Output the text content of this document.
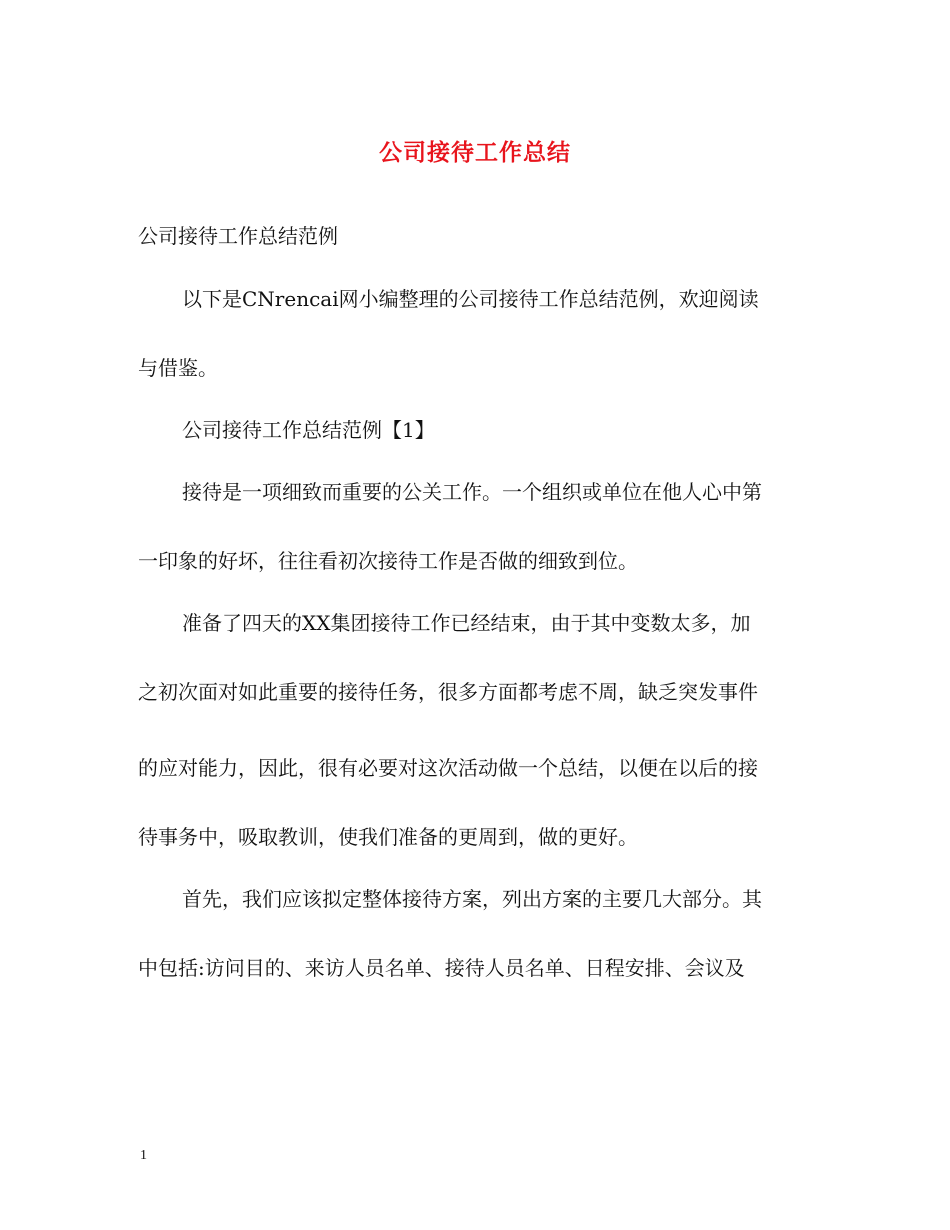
公司接待工作总结
公司接待工作总结范例
以下是CNrencai网小编整理的公司接待工作总结范例，欢迎阅读
与借鉴。
公司接待工作总结范例【1】
接待是一项细致而重要的公关工作。一个组织或单位在他人心中第
一印象的好坏，往往看初次接待工作是否做的细致到位。
准备了四天的XX集团接待工作已经结束，由于其中变数太多，加
之初次面对如此重要的接待任务，很多方面都考虑不周，缺乏突发事件
的应对能力，因此，很有必要对这次活动做一个总结，以便在以后的接
待事务中，吸取教训，使我们准备的更周到，做的更好。
首先，我们应该拟定整体接待方案，列出方案的主要几大部分。其
中包括:访问目的、来访人员名单、接待人员名单、日程安排、会议及
1
